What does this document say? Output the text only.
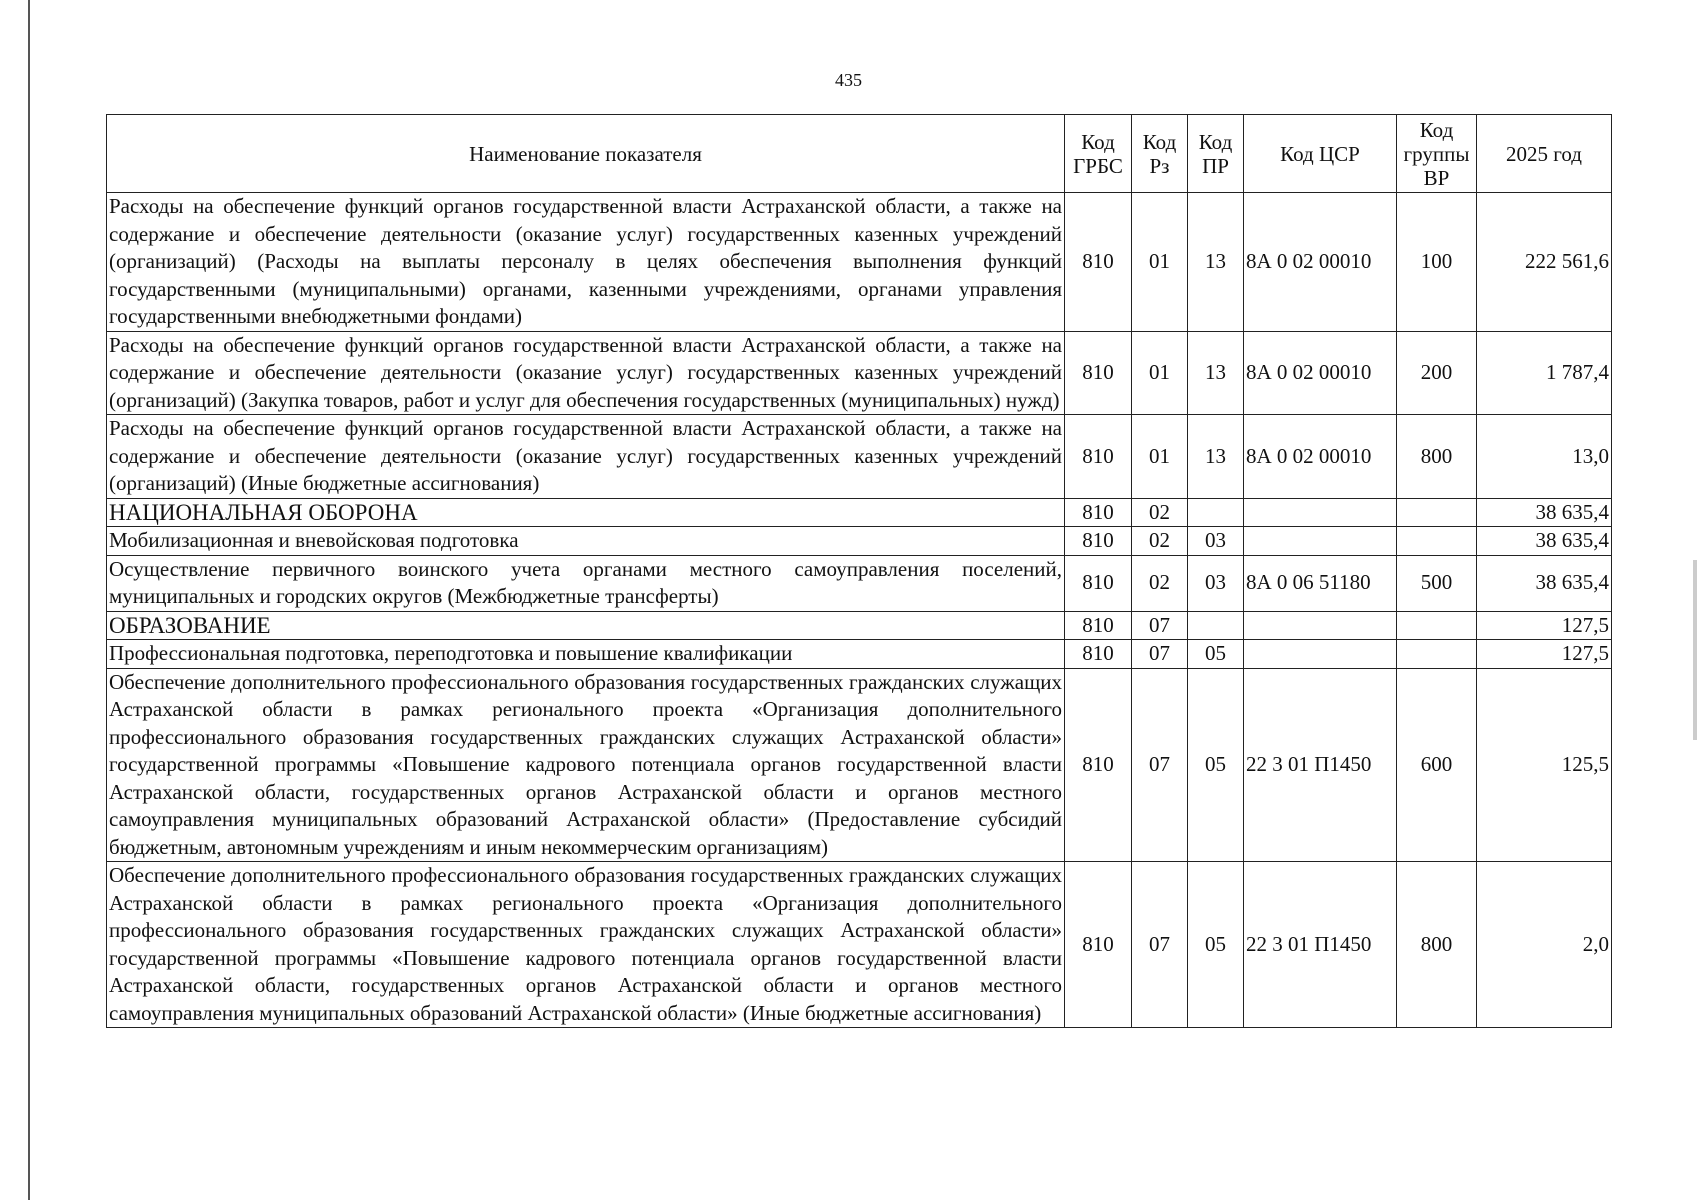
435
Наименование показателя	Код ГРБС	Код Рз	Код ПР	Код ЦСР	Код группы ВР	2025 год
Расходы на обеспечение функций органов государственной власти Астраханской области, а также на содержание и обеспечение деятельности (оказание услуг) государственных казенных учреждений (организаций) (Расходы на выплаты персоналу в целях обеспечения выполнения функций государственными (муниципальными) органами, казенными учреждениями, органами управления государственными внебюджетными фондами)	810	01	13	8А 0 02 00010	100	222 561,6
Расходы на обеспечение функций органов государственной власти Астраханской области, а также на содержание и обеспечение деятельности (оказание услуг) государственных казенных учреждений (организаций) (Закупка товаров, работ и услуг для обеспечения государственных (муниципальных) нужд)	810	01	13	8А 0 02 00010	200	1 787,4
Расходы на обеспечение функций органов государственной власти Астраханской области, а также на содержание и обеспечение деятельности (оказание услуг) государственных казенных учреждений (организаций) (Иные бюджетные ассигнования)	810	01	13	8А 0 02 00010	800	13,0
НАЦИОНАЛЬНАЯ ОБОРОНА	810	02				38 635,4
Мобилизационная и вневойсковая подготовка	810	02	03			38 635,4
Осуществление первичного воинского учета органами местного самоуправления поселений, муниципальных и городских округов (Межбюджетные трансферты)	810	02	03	8А 0 06 51180	500	38 635,4
ОБРАЗОВАНИЕ	810	07				127,5
Профессиональная подготовка, переподготовка и повышение квалификации	810	07	05			127,5
Обеспечение дополнительного профессионального образования государственных гражданских служащих Астраханской области в рамках регионального проекта «Организация дополнительного профессионального образования государственных гражданских служащих Астраханской области» государственной программы «Повышение кадрового потенциала органов государственной власти Астраханской области, государственных органов Астраханской области и органов местного самоуправления муниципальных образований Астраханской области» (Предоставление субсидий бюджетным, автономным учреждениям и иным некоммерческим организациям)	810	07	05	22 3 01 П1450	600	125,5
Обеспечение дополнительного профессионального образования государственных гражданских служащих Астраханской области в рамках регионального проекта «Организация дополнительного профессионального образования государственных гражданских служащих Астраханской области» государственной программы «Повышение кадрового потенциала органов государственной власти Астраханской области, государственных органов Астраханской области и органов местного самоуправления муниципальных образований Астраханской области» (Иные бюджетные ассигнования)	810	07	05	22 3 01 П1450	800	2,0
